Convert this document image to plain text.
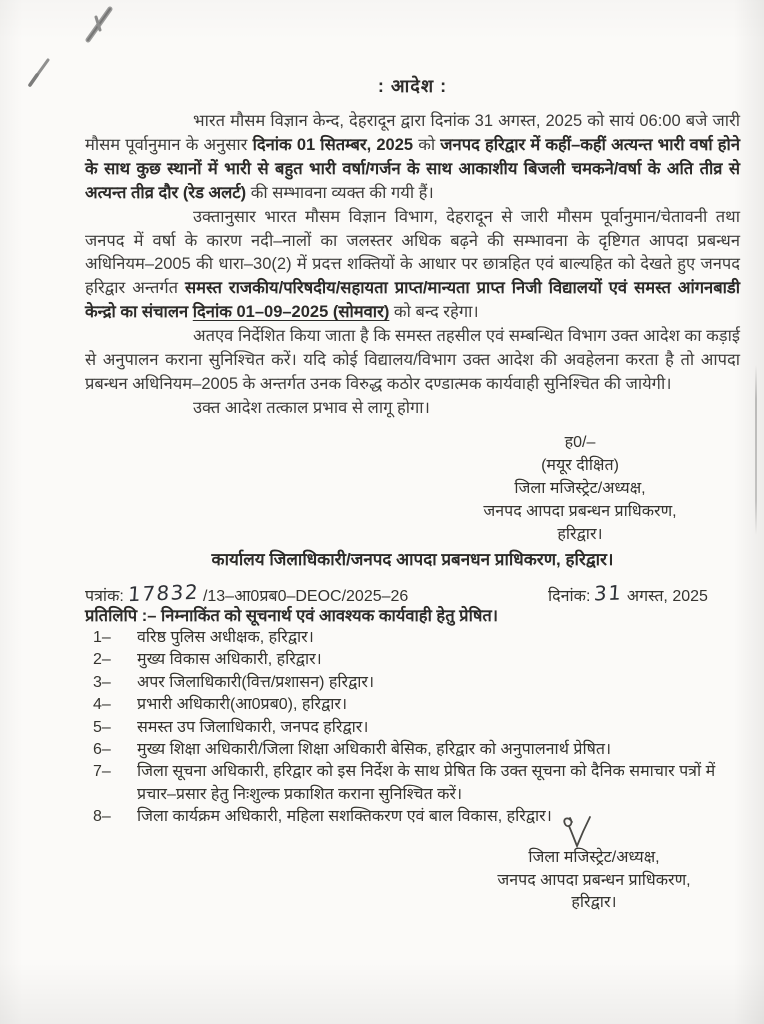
: आदेश :

भारत मौसम विज्ञान केन्द, देहरादून द्वारा दिनांक 31 अगस्त, 2025 को सायं 06:00 बजे जारी मौसम पूर्वानुमान के अनुसार दिनांक 01 सितम्बर, 2025 को जनपद हरिद्वार में कहीं–कहीं अत्यन्त भारी वर्षा होने के साथ कुछ स्थानों में भारी से बहुत भारी वर्षा/गर्जन के साथ आकाशीय बिजली चमकने/वर्षा के अति तीव्र से अत्यन्त तीव्र दौर (रेड अलर्ट) की सम्भावना व्यक्त की गयी हैं।

उक्तानुसार भारत मौसम विज्ञान विभाग, देहरादून से जारी मौसम पूर्वानुमान/चेतावनी तथा जनपद में वर्षा के कारण नदी–नालों का जलस्तर अधिक बढ़ने की सम्भावना के दृष्टिगत आपदा प्रबन्धन अधिनियम–2005 की धारा–30(2) में प्रदत्त शक्तियों के आधार पर छात्रहित एवं बाल्यहित को देखते हुए जनपद हरिद्वार अन्तर्गत समस्त राजकीय/परिषदीय/सहायता प्राप्त/मान्यता प्राप्त निजी विद्यालयों एवं समस्त आंगनबाडी केन्द्रो का संचालन दिनांक 01–09–2025 (सोमवार) को बन्द रहेगा।

अतएव निर्देशित किया जाता है कि समस्त तहसील एवं सम्बन्धित विभाग उक्त आदेश का कड़ाई से अनुपालन कराना सुनिश्चित करें। यदि कोई विद्यालय/विभाग उक्त आदेश की अवहेलना करता है तो आपदा प्रबन्धन अधिनियम–2005 के अन्तर्गत उनक विरुद्ध कठोर दण्डात्मक कार्यवाही सुनिश्चित की जायेगी।

उक्त आदेश तत्काल प्रभाव से लागू होगा।

ह0/–
(मयूर दीक्षित)
जिला मजिस्ट्रेट/अध्यक्ष,
जनपद आपदा प्रबन्धन प्राधिकरण,
हरिद्वार।
कार्यालय जिलाधिकारी/जनपद आपदा प्रबनधन प्राधिकरण, हरिद्वार।
पत्रांक: 17832 /13–आ0प्रब0–DEOC/2025–26	दिनांक: 31 अगस्त, 2025
प्रतिलिपि :– निम्नाकिंत को सूचनार्थ एवं आवश्यक कार्यवाही हेतु प्रेषित।
1–	वरिष्ठ पुलिस अधीक्षक, हरिद्वार।
2–	मुख्य विकास अधिकारी, हरिद्वार।
3–	अपर जिलाधिकारी(वित्त/प्रशासन) हरिद्वार।
4–	प्रभारी अधिकारी(आ0प्रब0), हरिद्वार।
5–	समस्त उप जिलाधिकारी, जनपद हरिद्वार।
6–	मुख्य शिक्षा अधिकारी/जिला शिक्षा अधिकारी बेसिक, हरिद्वार को अनुपालनार्थ प्रेषित।
7–	जिला सूचना अधिकारी, हरिद्वार को इस निर्देश के साथ प्रेषित कि उक्त सूचना को दैनिक समाचार पत्रों में प्रचार–प्रसार हेतु निःशुल्क प्रकाशित कराना सुनिश्चित करें।
8–	जिला कार्यक्रम अधिकारी, महिला सशक्तिकरण एवं बाल विकास, हरिद्वार।
जिला मजिस्ट्रेट/अध्यक्ष,
जनपद आपदा प्रबन्धन प्राधिकरण,
हरिद्वार।
